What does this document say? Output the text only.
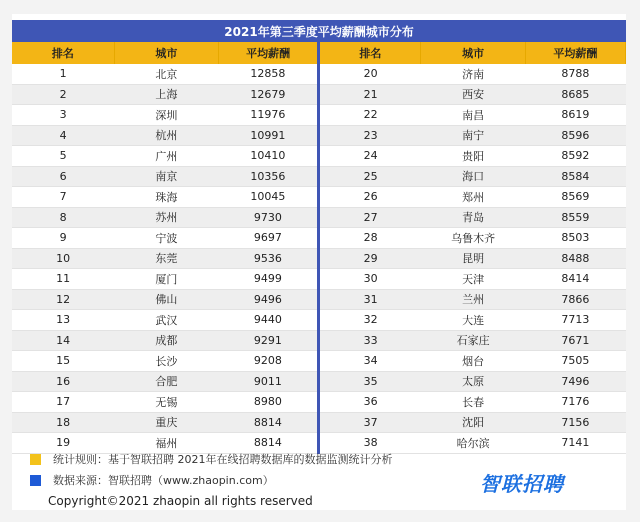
2021年第三季度平均薪酬城市分布
排名	城市	平均薪酬	排名	城市	平均薪酬
1	北京	12858	20	济南	8788
2	上海	12679	21	西安	8685
3	深圳	11976	22	南昌	8619
4	杭州	10991	23	南宁	8596
5	广州	10410	24	贵阳	8592
6	南京	10356	25	海口	8584
7	珠海	10045	26	郑州	8569
8	苏州	9730	27	青岛	8559
9	宁波	9697	28	乌鲁木齐	8503
10	东莞	9536	29	昆明	8488
11	厦门	9499	30	天津	8414
12	佛山	9496	31	兰州	7866
13	武汉	9440	32	大连	7713
14	成都	9291	33	石家庄	7671
15	长沙	9208	34	烟台	7505
16	合肥	9011	35	太原	7496
17	无锡	8980	36	长春	7176
18	重庆	8814	37	沈阳	7156
19	福州	8814	38	哈尔滨	7141
统计规则：基于智联招聘 2021年在线招聘数据库的数据监测统计分析
数据来源：智联招聘（www.zhaopin.com）
Copyright©2021 zhaopin all rights reserved
智联招聘
